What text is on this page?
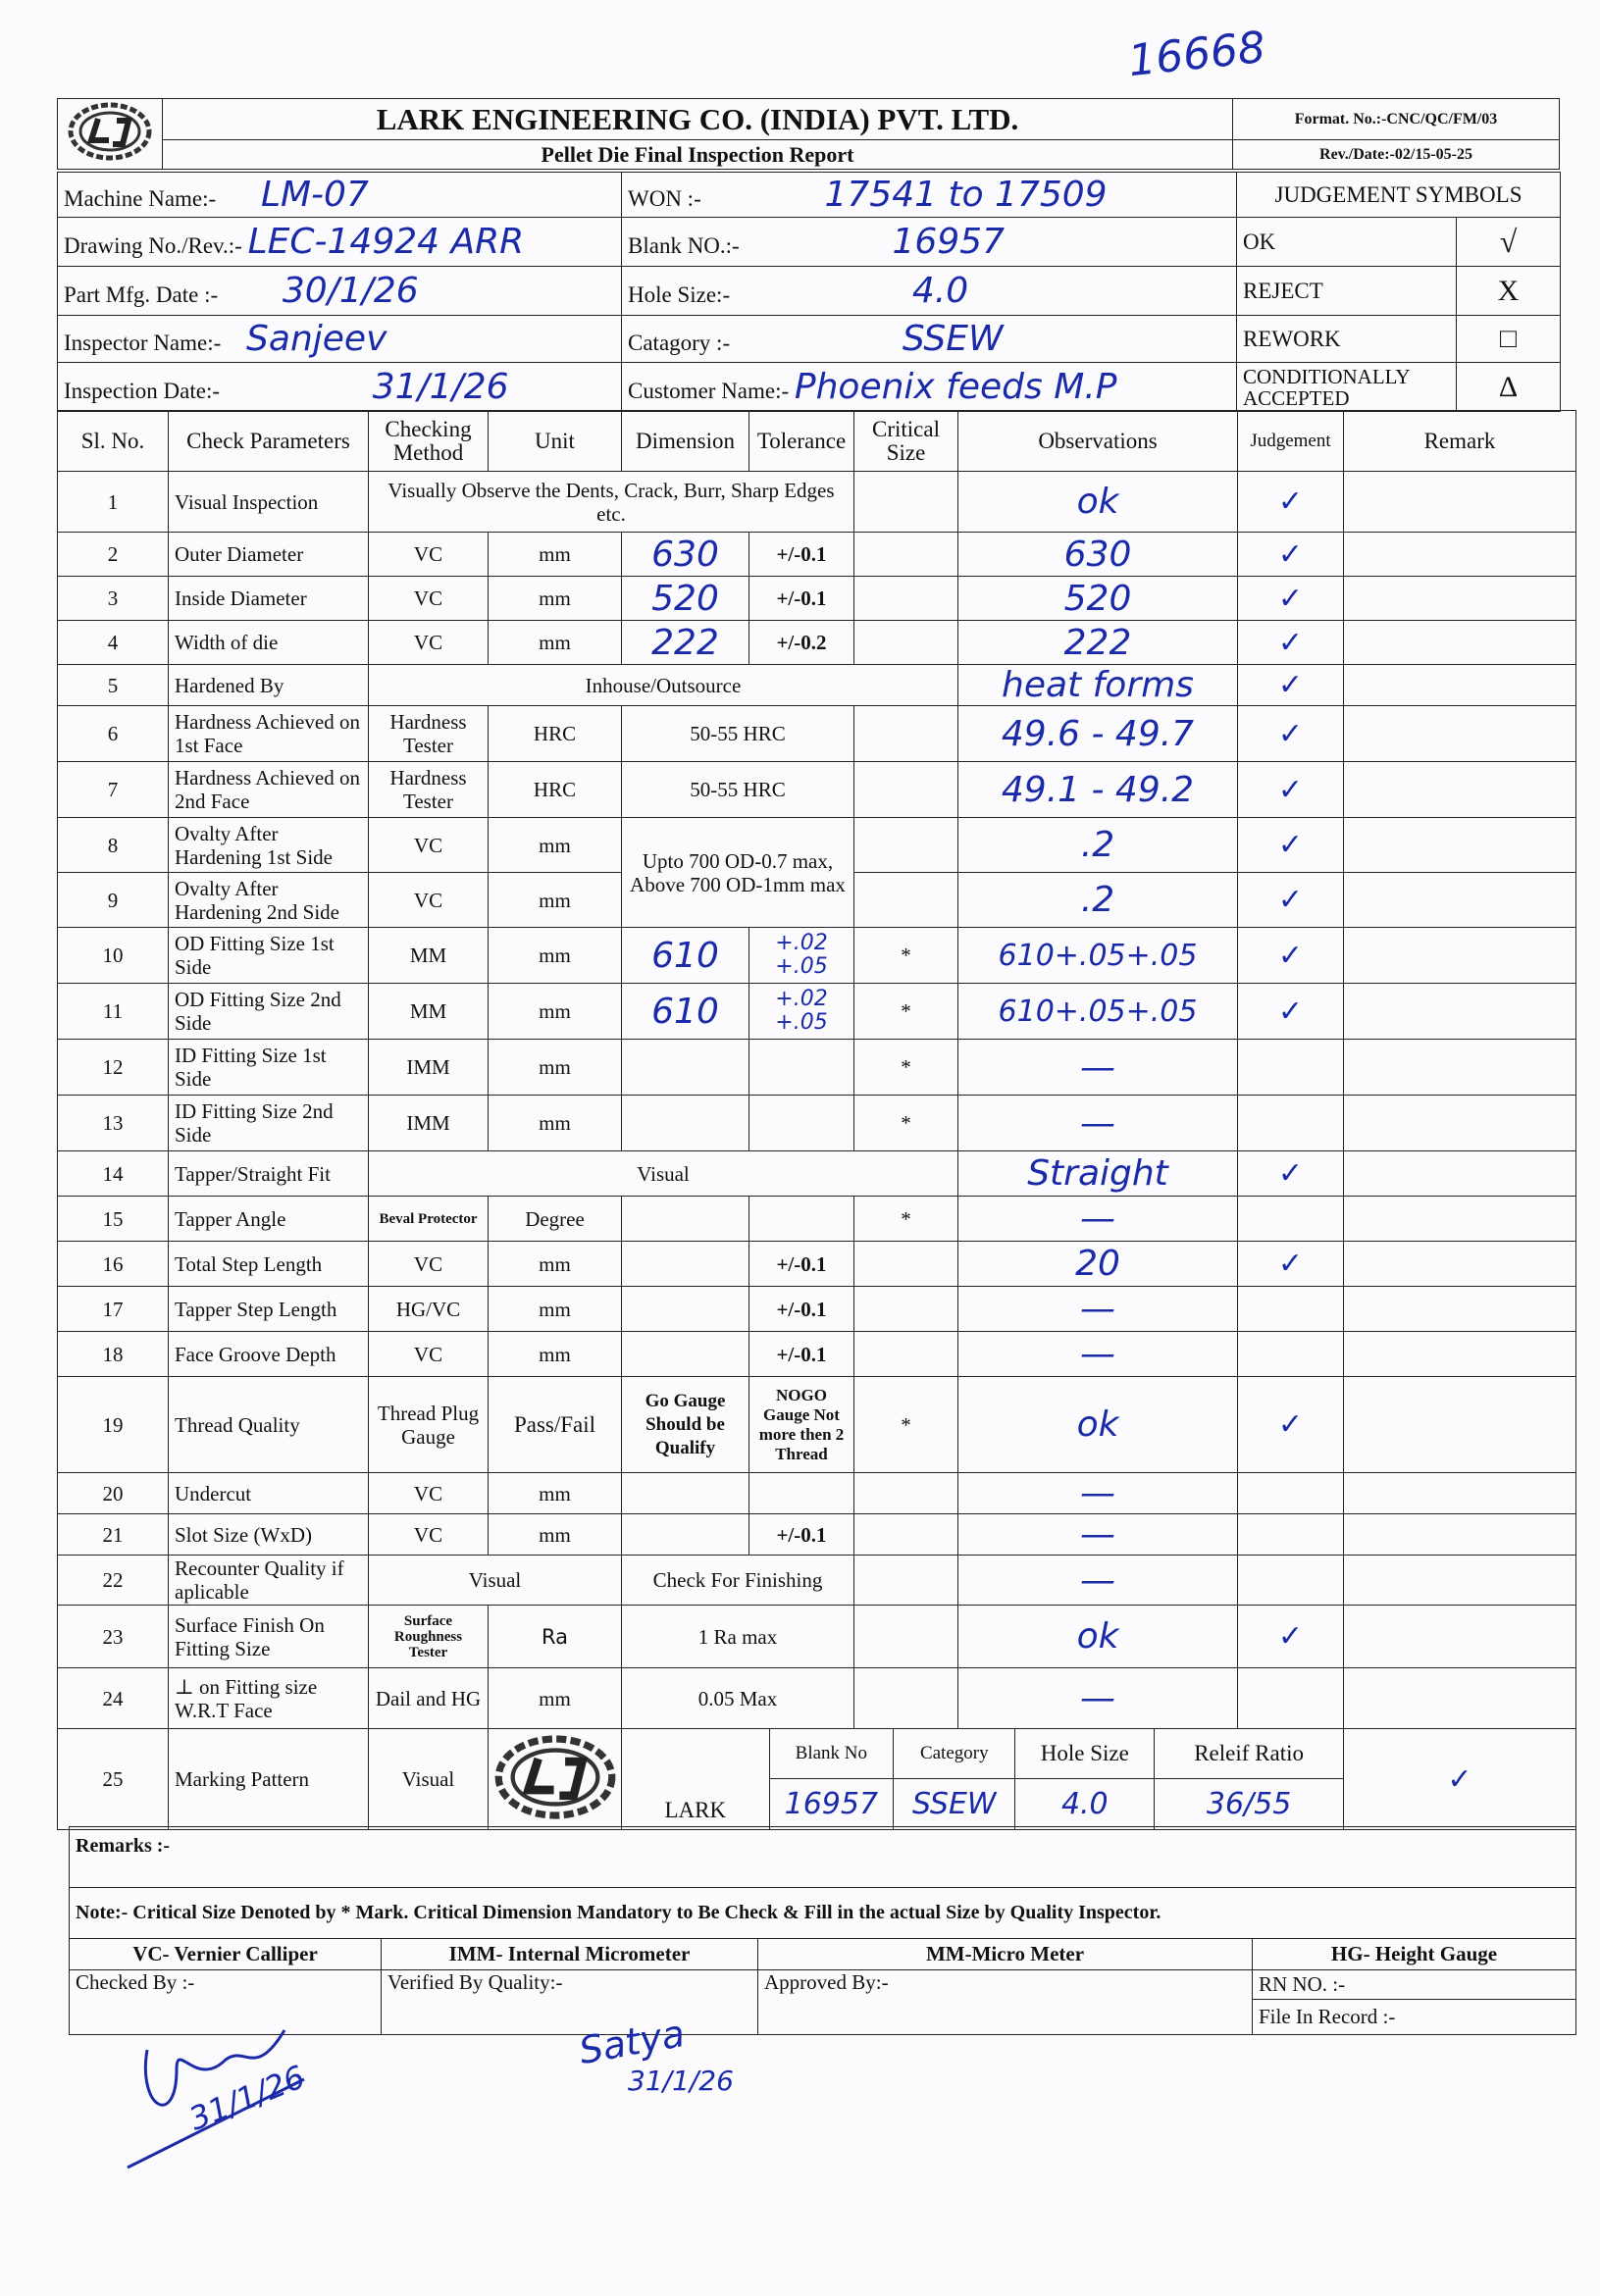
16668
	LARK ENGINEERING CO. (INDIA) PVT. LTD.	Format. No.:-CNC/QC/FM/03
	Pellet Die Final Inspection Report	Rev./Date:-02/15-05-25
Machine Name:- LM-07	WON :- 17541 to 17509	JUDGEMENT SYMBOLS	
Drawing No./Rev.:- LEC-14924 ARR	Blank NO.:- 16957	OK	√
Part Mfg. Date :- 30/1/26	Hole Size:- 4.0	REJECT	X
Inspector Name:- Sanjeev	Catagory :- SSEW	REWORK	□
Inspection Date:- 31/1/26	Customer Name:- Phoenix feeds M.P	CONDITIONALLY ACCEPTED	Δ
Sl. No.	Check Parameters	Checking Method	Unit	Dimension	Tolerance	Critical Size	Observations	Judgement	Remark
1	Visual Inspection	Visually Observe the Dents, Crack, Burr, Sharp Edges etc.		ok	✓	
2	Outer Diameter	VC	mm	630	+/-0.1		630	✓	
3	Inside Diameter	VC	mm	520	+/-0.1		520	✓	
4	Width of die	VC	mm	222	+/-0.2		222	✓	
5	Hardened By	Inhouse/Outsource	heat forms	✓	
6	Hardness Achieved on 1st Face	Hardness Tester	HRC	50-55 HRC		49.6 - 49.7	✓	
7	Hardness Achieved on 2nd Face	Hardness Tester	HRC	50-55 HRC		49.1 - 49.2	✓	
8	Ovalty After Hardening 1st Side	VC	mm	Upto 700 OD-0.7 max, Above 700 OD-1mm max		.2	✓	
9	Ovalty After Hardening 2nd Side	VC	mm		.2	✓	
10	OD Fitting Size 1st Side	MM	mm	610	+.02
+.05	*	610+.05+.05	✓	
11	OD Fitting Size 2nd Side	MM	mm	610	+.02
+.05	*	610+.05+.05	✓	
12	ID Fitting Size 1st Side	IMM	mm			*	—		
13	ID Fitting Size 2nd Side	IMM	mm			*	—		
14	Tapper/Straight Fit	Visual	Straight	✓	
15	Tapper Angle	Beval Protector	Degree			*	—		
16	Total Step Length	VC	mm		+/-0.1		20	✓	
17	Tapper Step Length	HG/VC	mm		+/-0.1		—		
18	Face Groove Depth	VC	mm		+/-0.1		—		
19	Thread Quality	Thread Plug Gauge	Pass/Fail	Go Gauge Should be Qualify	NOGO Gauge Not more then 2 Thread	*	ok	✓	
20	Undercut	VC	mm				—		
21	Slot Size (WxD)	VC	mm		+/-0.1		—		
22	Recounter Quality if aplicable	Visual	Check For Finishing		—		
23	Surface Finish On Fitting Size	Surface Roughness Tester	Ra	1 Ra max		ok	✓	
24	⊥ on Fitting size W.R.T Face	Dail and HG	mm	0.05 Max		—		
25	Marking Pattern	Visual		
LARK	Blank No	Category	Hole Size	Releif Ratio
16957	SSEW	4.0	36/55
	✓	
Remarks :-			
Note:- Critical Size Denoted by * Mark. Critical Dimension Mandatory to Be Check & Fill in the actual Size by Quality Inspector.			
VC- Vernier Calliper	IMM- Internal Micrometer	MM-Micro Meter	HG- Height Gauge
Checked By :-	Verified By Quality:-	Approved By:-	RN NO. :-
			File In Record :-
31/1/26
Satya
31/1/26
